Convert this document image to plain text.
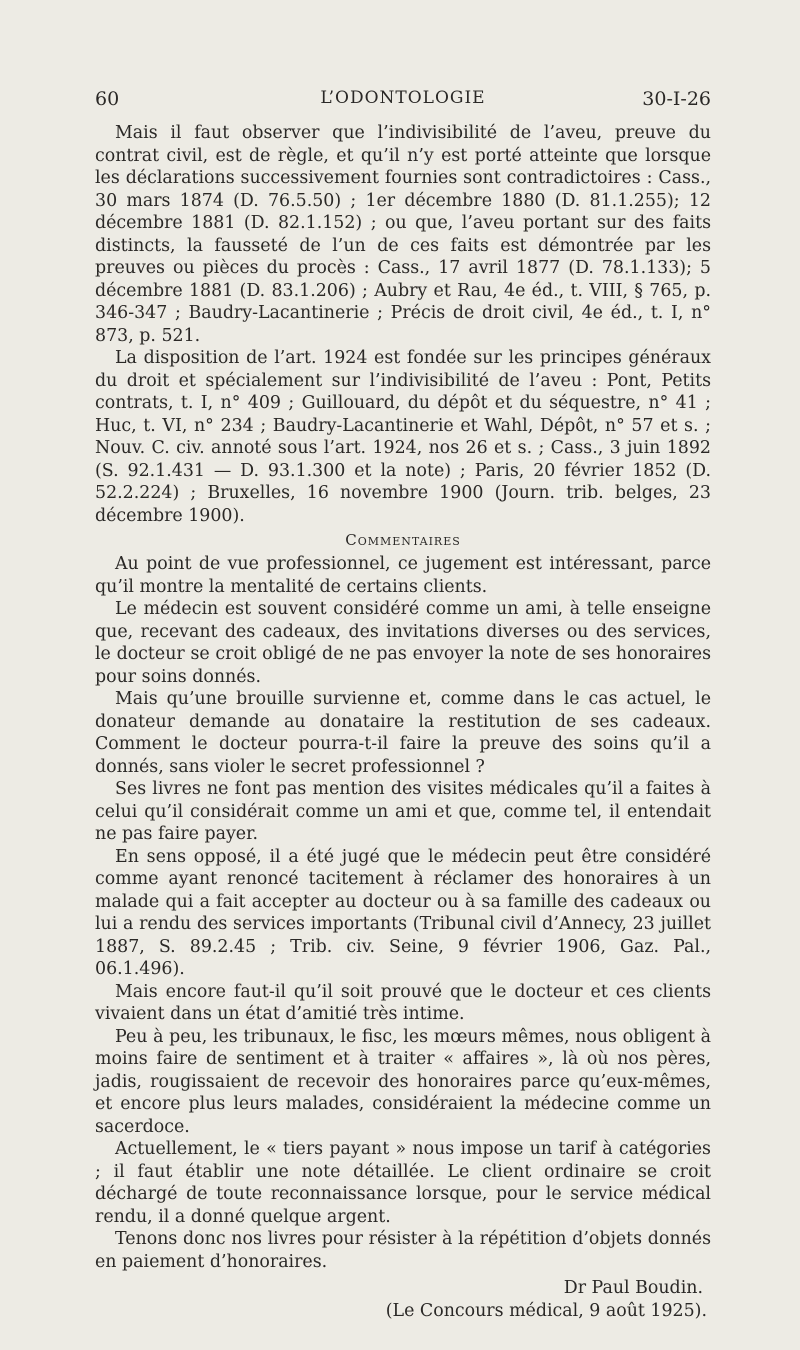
60	L’ODONTOLOGIE	30-I-26

Mais il faut observer que l’indivisibilité de l’aveu, preuve du contrat civil, est de règle, et qu’il n’y est porté atteinte que lorsque les déclarations successivement fournies sont contradictoires : Cass., 30 mars 1874 (D. 76.5.50) ; 1er décembre 1880 (D. 81.1.255); 12 décembre 1881 (D. 82.1.152) ; ou que, l’aveu portant sur des faits distincts, la fausseté de l’un de ces faits est démontrée par les preuves ou pièces du procès : Cass., 17 avril 1877 (D. 78.1.133); 5 décembre 1881 (D. 83.1.206) ; Aubry et Rau, 4e éd., t. VIII, § 765, p. 346-347 ; Baudry-Lacantinerie ; Précis de droit civil, 4e éd., t. I, n° 873, p. 521.

La disposition de l’art. 1924 est fondée sur les principes généraux du droit et spécialement sur l’indivisibilité de l’aveu : Pont, Petits contrats, t. I, n° 409 ; Guillouard, du dépôt et du séquestre, n° 41 ; Huc, t. VI, n° 234 ; Baudry-Lacantinerie et Wahl, Dépôt, n° 57 et s. ; Nouv. C. civ. annoté sous l’art. 1924, nos 26 et s. ; Cass., 3 juin 1892 (S. 92.1.431 — D. 93.1.300 et la note) ; Paris, 20 février 1852 (D. 52.2.224) ; Bruxelles, 16 novembre 1900 (Journ. trib. belges, 23 décembre 1900).

Commentaires

Au point de vue professionnel, ce jugement est intéressant, parce qu’il montre la mentalité de certains clients.

Le médecin est souvent considéré comme un ami, à telle enseigne que, recevant des cadeaux, des invitations diverses ou des services, le docteur se croit obligé de ne pas envoyer la note de ses honoraires pour soins donnés.

Mais qu’une brouille survienne et, comme dans le cas actuel, le donateur demande au donataire la restitution de ses cadeaux. Comment le docteur pourra-t-il faire la preuve des soins qu’il a donnés, sans violer le secret professionnel ?

Ses livres ne font pas mention des visites médicales qu’il a faites à celui qu’il considérait comme un ami et que, comme tel, il entendait ne pas faire payer.

En sens opposé, il a été jugé que le médecin peut être considéré comme ayant renoncé tacitement à réclamer des honoraires à un malade qui a fait accepter au docteur ou à sa famille des cadeaux ou lui a rendu des services importants (Tribunal civil d’Annecy, 23 juillet 1887, S. 89.2.45 ; Trib. civ. Seine, 9 février 1906, Gaz. Pal., 06.1.496).

Mais encore faut-il qu’il soit prouvé que le docteur et ces clients vivaient dans un état d’amitié très intime.

Peu à peu, les tribunaux, le fisc, les mœurs mêmes, nous obligent à moins faire de sentiment et à traiter « affaires », là où nos pères, jadis, rougissaient de recevoir des honoraires parce qu’eux-mêmes, et encore plus leurs malades, considéraient la médecine comme un sacerdoce.

Actuellement, le « tiers payant » nous impose un tarif à catégories ; il faut établir une note détaillée. Le client ordinaire se croit déchargé de toute reconnaissance lorsque, pour le service médical rendu, il a donné quelque argent.

Tenons donc nos livres pour résister à la répétition d’objets donnés en paiement d’honoraires.

Dr Paul Boudin.
(Le Concours médical, 9 août 1925).
